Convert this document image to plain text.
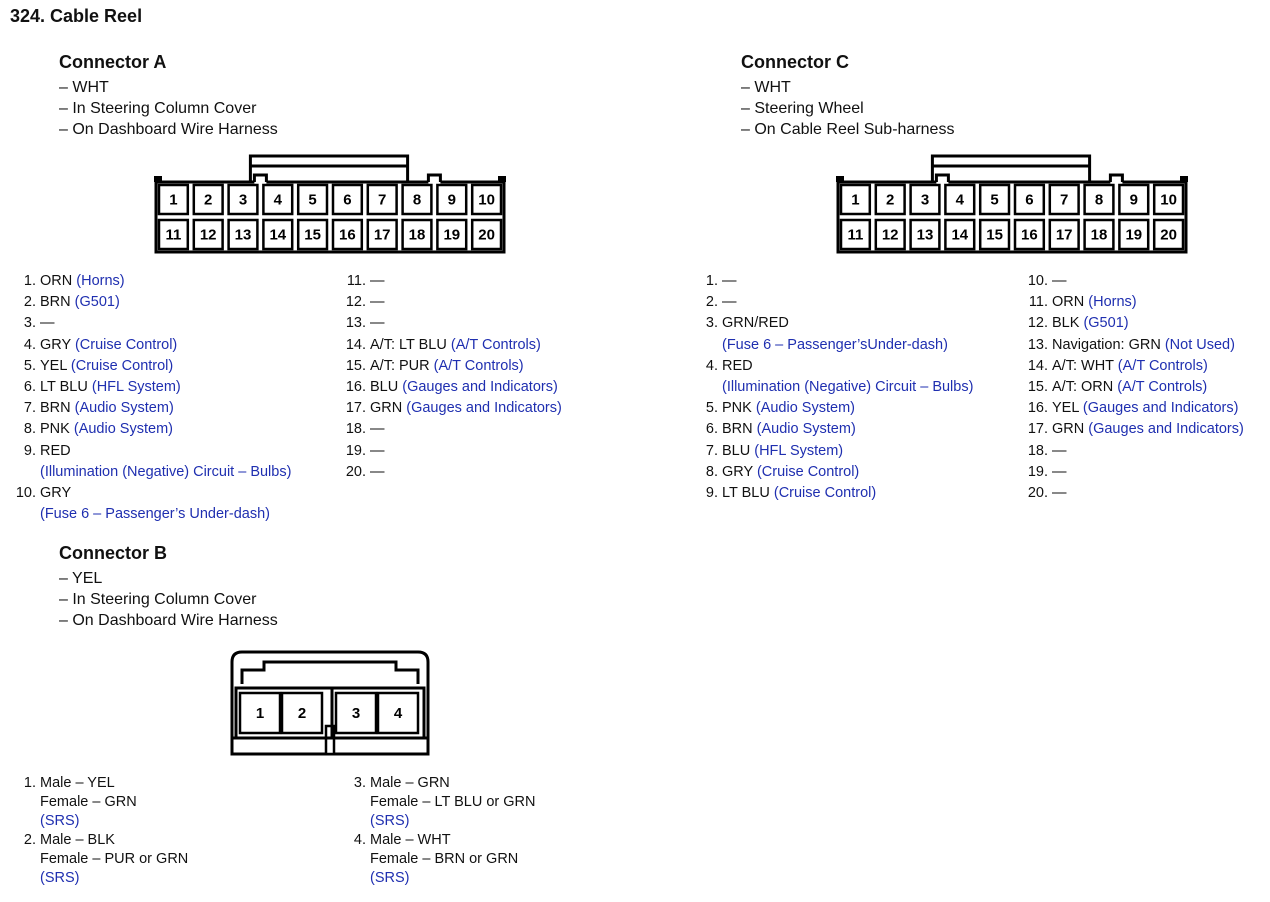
324. Cable Reel
Connector A
– WHT
– In Steering Column Cover
– On Dashboard Wire Harness
1 2 3 4 5 6 7 8 9 10
11 12 13 14 15 16 17 18 19 20
1. ORN (Horns)
2. BRN (G501)
3. —
4. GRY (Cruise Control)
5. YEL (Cruise Control)
6. LT BLU (HFL System)
7. BRN (Audio System)
8. PNK (Audio System)
9. RED
(Illumination (Negative) Circuit – Bulbs)
10. GRY
(Fuse 6 – Passenger’s Under-dash)
11. —
12. —
13. —
14. A/T: LT BLU (A/T Controls)
15. A/T: PUR (A/T Controls)
16. BLU (Gauges and Indicators)
17. GRN (Gauges and Indicators)
18. —
19. —
20. —
Connector C
– WHT
– Steering Wheel
– On Cable Reel Sub-harness
1 2 3 4 5 6 7 8 9 10
11 12 13 14 15 16 17 18 19 20
1. —
2. —
3. GRN/RED
(Fuse 6 – Passenger’sUnder-dash)
4. RED
(Illumination (Negative) Circuit – Bulbs)
5. PNK (Audio System)
6. BRN (Audio System)
7. BLU (HFL System)
8. GRY (Cruise Control)
9. LT BLU (Cruise Control)
10. —
11. ORN (Horns)
12. BLK (G501)
13. Navigation: GRN (Not Used)
14. A/T: WHT (A/T Controls)
15. A/T: ORN (A/T Controls)
16. YEL (Gauges and Indicators)
17. GRN (Gauges and Indicators)
18. —
19. —
20. —
Connector B
– YEL
– In Steering Column Cover
– On Dashboard Wire Harness
1 2	3 4
1. Male – YEL
Female – GRN
(SRS)
2. Male – BLK
Female – PUR or GRN
(SRS)
3. Male – GRN
Female – LT BLU or GRN
(SRS)
4. Male – WHT
Female – BRN or GRN
(SRS)
